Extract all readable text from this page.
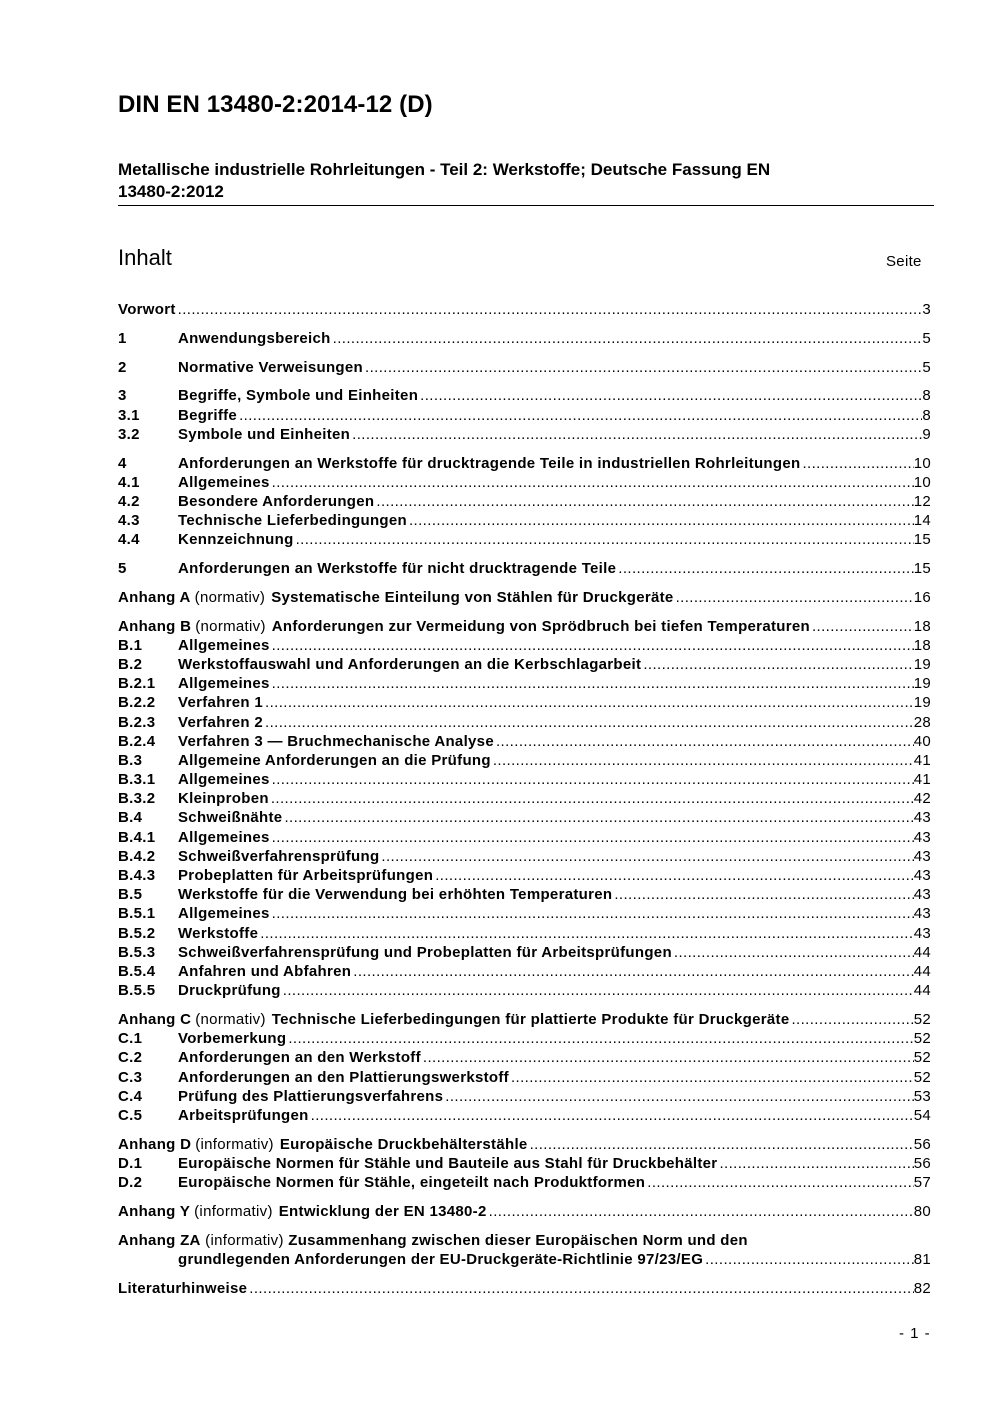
DIN EN 13480-2:2014-12 (D)
Metallische industrielle Rohrleitungen - Teil 2: Werkstoffe; Deutsche Fassung EN
13480-2:2012
Inhalt	Seite
Vorwort .....	3
1	Anwendungsbereich .....	5
2	Normative Verweisungen .....	5
3	Begriffe, Symbole und Einheiten .....	8
3.1	Begriffe .....	8
3.2	Symbole und Einheiten .....	9
4	Anforderungen an Werkstoffe für drucktragende Teile in industriellen Rohrleitungen .....	10
4.1	Allgemeines .....	10
4.2	Besondere Anforderungen .....	12
4.3	Technische Lieferbedingungen .....	14
4.4	Kennzeichnung .....	15
5	Anforderungen an Werkstoffe für nicht drucktragende Teile .....	15
Anhang A (normativ) Systematische Einteilung von Stählen für Druckgeräte .....	16
Anhang B (normativ) Anforderungen zur Vermeidung von Sprödbruch bei tiefen Temperaturen .....	18
B.1 Allgemeines .....	18
B.2 Werkstoffauswahl und Anforderungen an die Kerbschlagarbeit .....	19
B.2.1 Allgemeines .....	19
B.2.2 Verfahren 1 .....	19
B.2.3 Verfahren 2 .....	28
B.2.4 Verfahren 3 — Bruchmechanische Analyse .....	40
B.3 Allgemeine Anforderungen an die Prüfung .....	41
B.3.1 Allgemeines .....	41
B.3.2 Kleinproben .....	42
B.4 Schweißnähte .....	43
B.4.1 Allgemeines .....	43
B.4.2 Schweißverfahrensprüfung .....	43
B.4.3 Probeplatten für Arbeitsprüfungen .....	43
B.5 Werkstoffe für die Verwendung bei erhöhten Temperaturen .....	43
B.5.1 Allgemeines .....	43
B.5.2 Werkstoffe .....	43
B.5.3 Schweißverfahrensprüfung und Probeplatten für Arbeitsprüfungen .....	44
B.5.4 Anfahren und Abfahren .....	44
B.5.5 Druckprüfung .....	44
Anhang C (normativ) Technische Lieferbedingungen für plattierte Produkte für Druckgeräte .....	52
C.1 Vorbemerkung .....	52
C.2 Anforderungen an den Werkstoff .....	52
C.3 Anforderungen an den Plattierungswerkstoff .....	52
C.4 Prüfung des Plattierungsverfahrens .....	53
C.5 Arbeitsprüfungen .....	54
Anhang D (informativ) Europäische Druckbehälterstähle .....	56
D.1 Europäische Normen für Stähle und Bauteile aus Stahl für Druckbehälter .....	56
D.2 Europäische Normen für Stähle, eingeteilt nach Produktformen .....	57
Anhang Y (informativ) Entwicklung der EN 13480-2 .....	80
Anhang ZA (informativ) Zusammenhang zwischen dieser Europäischen Norm und den
grundlegenden Anforderungen der EU-Druckgeräte-Richtlinie 97/23/EG .....	81
Literaturhinweise .....	82
- 1 -
